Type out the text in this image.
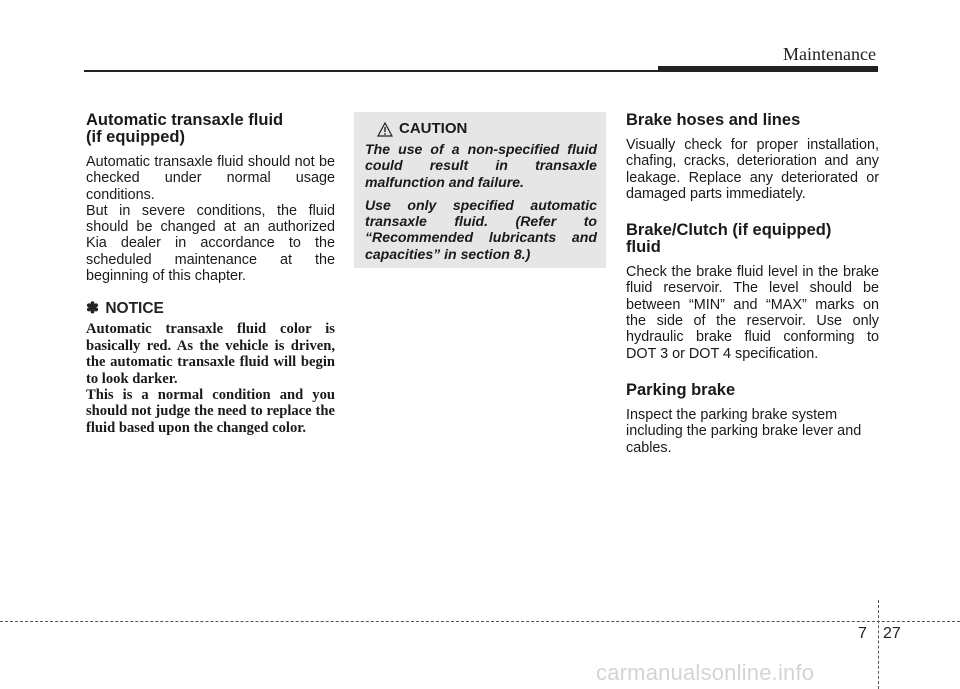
Maintenance
Automatic transaxle fluid
(if equipped)

Automatic transaxle fluid should not be checked under normal usage conditions.

But in severe conditions, the fluid should be changed at an authorized Kia dealer in accordance to the scheduled maintenance at the beginning of this chapter.

✽ NOTICE

Automatic transaxle fluid color is basically red. As the vehicle is driven, the automatic transaxle fluid will begin to look darker.

This is a normal condition and you should not judge the need to replace the fluid based upon the changed color.

CAUTION

The use of a non-specified fluid could result in transaxle malfunction and failure.

Use only specified automatic transaxle fluid. (Refer to “Recommended lubricants and capacities” in section 8.)

Brake hoses and lines

Visually check for proper installation, chafing, cracks, deterioration and any leakage. Replace any deteriorated or damaged parts immediately.

Brake/Clutch (if equipped)
fluid

Check the brake fluid level in the brake fluid reservoir. The level should be between “MIN” and “MAX” marks on the side of the reservoir. Use only hydraulic brake fluid conforming to DOT 3 or DOT 4 specification.

Parking brake

Inspect the parking brake system including the parking brake lever and cables.

7 27
carmanualsonline.info
